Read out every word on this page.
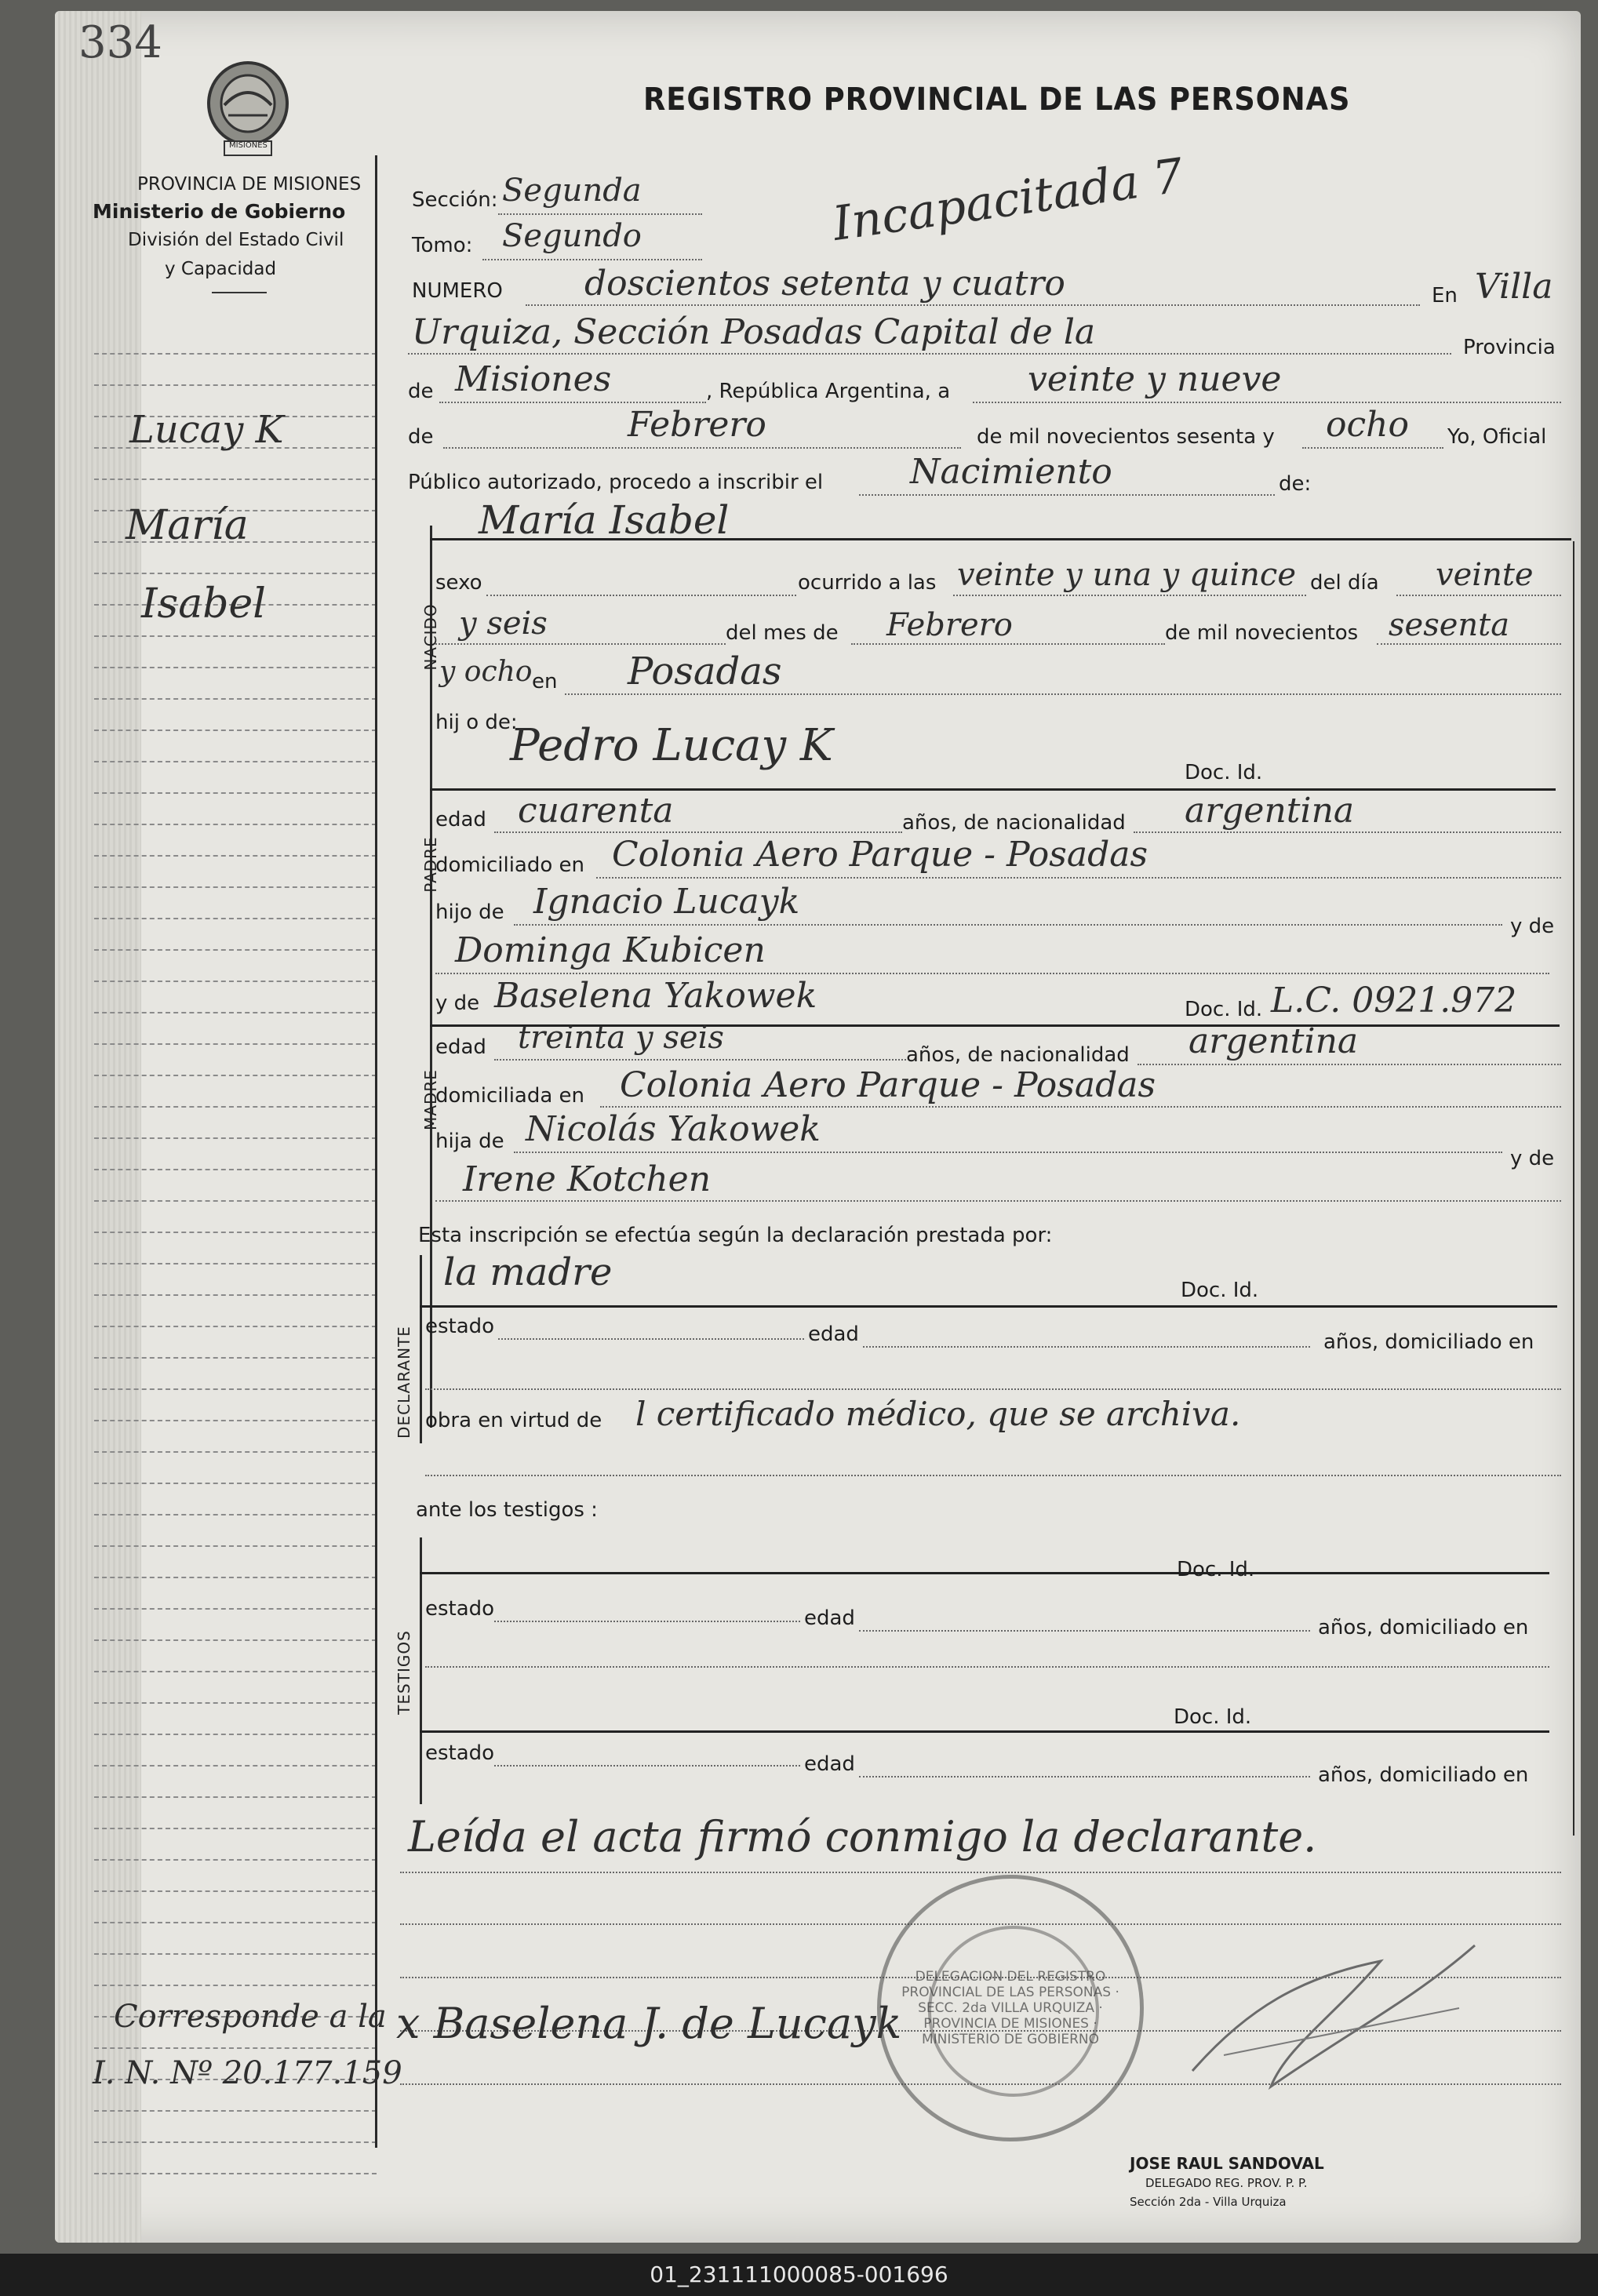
334
MISIONES
PROVINCIA DE MISIONES
Ministerio de Gobierno
División del Estado Civil
y Capacidad
REGISTRO PROVINCIAL DE LAS PERSONAS
Lucay K
María
Isabel
Corresponde a la
I. N. Nº 20.177.159
Sección: Segunda	Incapacitada 7
Tomo: Segundo
NUMERO doscientos setenta y cuatro	En Villa
Urquiza, Sección Posadas Capital de la	Provincia
de Misiones	, República Argentina, a veinte y nueve
de	Febrero	de mil novecientos sesenta y ocho Yo, Oficial
Público autorizado, procedo a inscribir el	Nacimiento	de:
María Isabel
NACIDO
sexo	ocurrido a las veinte y una y quince del día veinte
y seis	del mes de Febrero	de mil novecientos sesenta
y ocho en Posadas
hij o de:
Pedro Lucay K
Doc. Id.
PADRE
edad cuarenta	años, de nacionalidad argentina
domiciliado en Colonia Aero Parque - Posadas
hijo de Ignacio Lucayk
y de
Dominga Kubicen
y de Baselena Yakowek	Doc. Id. L.C. 0921.972
MADRE
edad treinta y seis	años, de nacionalidad argentina
domiciliada en Colonia Aero Parque - Posadas
hija de Nicolás Yakowek
y de
Irene Kotchen
Esta inscripción se efectúa según la declaración prestada por:
la madre	Doc. Id.
DECLARANTE estado	edad	años, domiciliado en
obra en virtud de l certificado médico, que se archiva.
ante los testigos :
Doc. Id.
TESTIGOS
estado	edad	años, domiciliado en
Doc. Id.
estado	edad	años, domiciliado en
Leída el acta firmó conmigo la declarante.
x Baselena J. de Lucayk
DELEGACION DEL REGISTRO PROVINCIAL DE LAS PERSONAS · SECC. 2da VILLA URQUIZA · PROVINCIA DE MISIONES · MINISTERIO DE GOBIERNO
JOSE RAUL SANDOVAL
DELEGADO REG. PROV. P. P.
Sección 2da - Villa Urquiza
01_231111000085-001696
